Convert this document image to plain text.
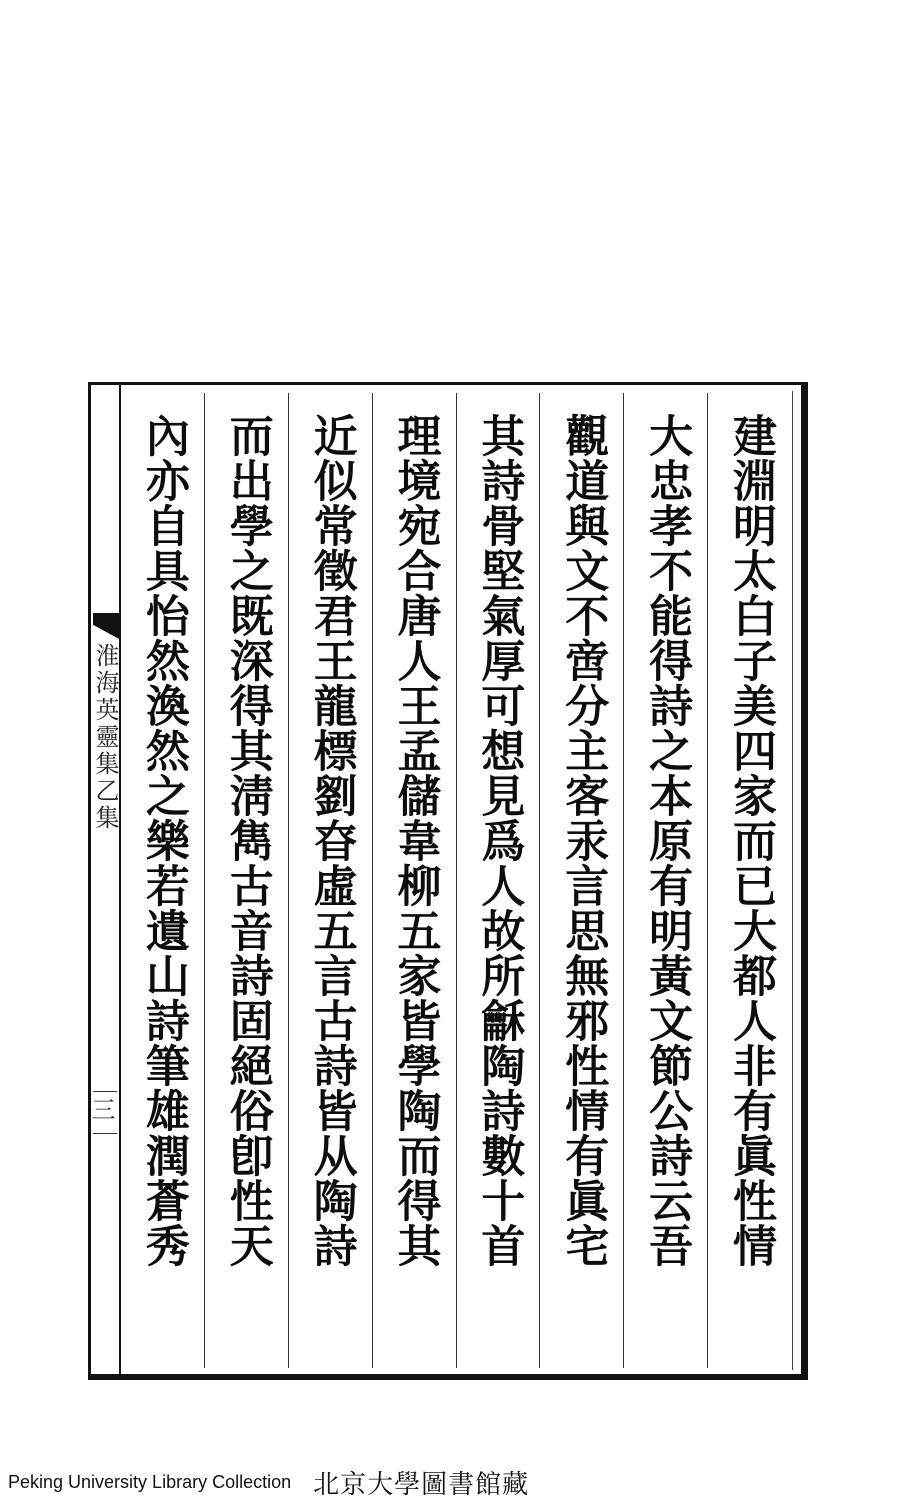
淮海英靈集乙集
三	建淵明太白子美四家而已大都人非有眞性情
大忠孝不能得詩之本原有明黃文節公詩云吾
觀道與文不啻分主客汞言思無邪性情有眞宅
其詩骨堅氣厚可想見爲人故所龢陶詩數十首
理境宛合唐人王孟儲韋柳五家皆學陶而得其
近似常徵君王龍標劉昚虛五言古詩皆从陶詩
而出學之既深得其淸雋古音詩固絕俗卽性天
內亦自具怡然渙然之樂若遺山詩筆雄潤蒼秀
Peking University Library Collection 北京大學圖書館藏
